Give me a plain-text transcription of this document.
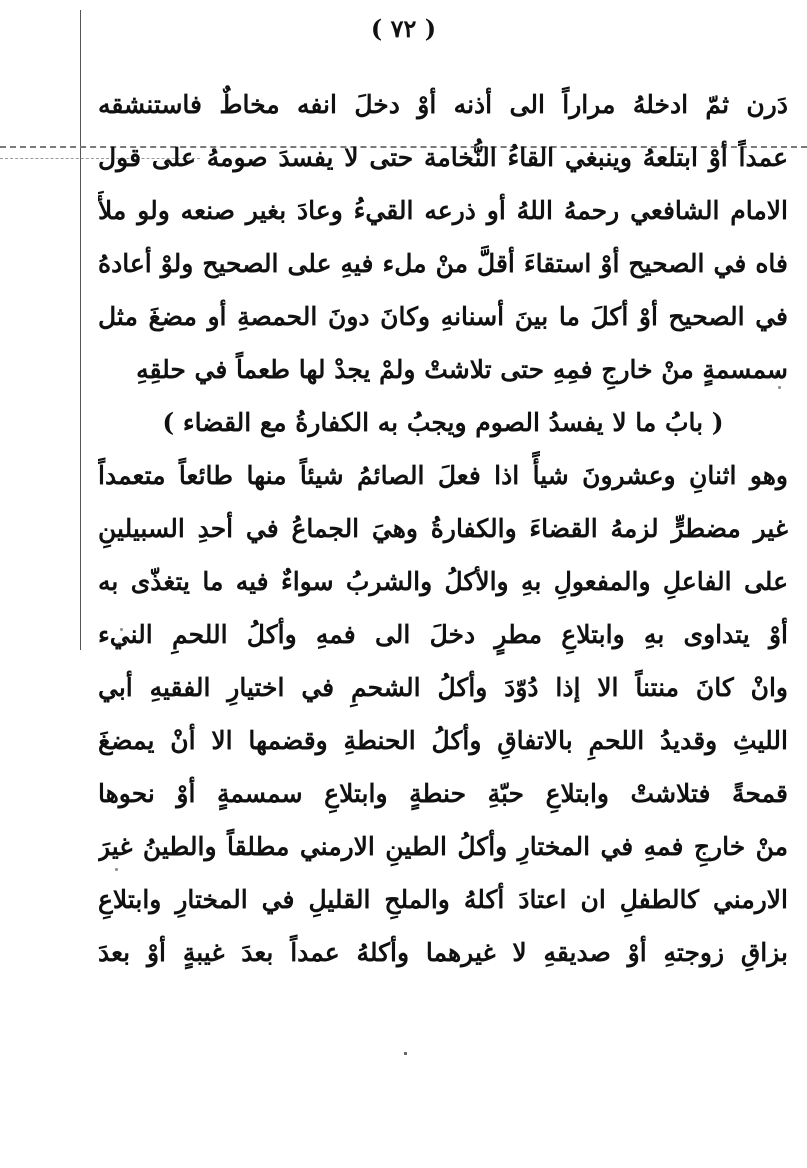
( ٧٢ )
دَرن ثمّ ادخلهُ مراراً الى أذنه أوْ دخلَ انفه مخاطٌ فاستنشقه
عمداً أوْ ابتلعهُ وينبغي القاءُ النُّخامة حتى لا يفسدَ صومهُ على قول
الامام الشافعي رحمهُ اللهُ أو ذرعه القيءُ وعادَ بغير صنعه ولو ملأَ
فاه في الصحيح أوْ استقاءَ أقلَّ منْ ملء فيهِ على الصحيح ولوْ أعادهُ
في الصحيح أوْ أكلَ ما بينَ أسنانهِ وكانَ دونَ الحمصةِ أو مضغَ مثل
سمسمةٍ منْ خارجِ فمِهِ حتى تلاشتْ ولمْ يجدْ لها طعماً في حلقِهِ
( بابُ ما لا يفسدُ الصوم ويجبُ به الكفارةُ مع القضاء )
وهو اثنانِ وعشرونَ شيأً اذا فعلَ الصائمُ شيئاً منها طائعاً متعمداً
غير مضطرٍّ لزمهُ القضاءَ والكفارةُ وهيَ الجماعُ في أحدِ السبيلينِ
على الفاعلِ والمفعولِ بهِ والأكلُ والشربُ سواءٌ فيه ما يتغذّى به
أوْ يتداوى بهِ وابتلاعِ مطرٍ دخلَ الى فمهِ وأكلُ اللحمِ النيء
وانْ كانَ منتناً الا إذا دُوّدَ وأكلُ الشحمِ في اختيارِ الفقيهِ أبي
الليثِ وقديدُ اللحمِ بالاتفاقِ وأكلُ الحنطةِ وقضمها الا أنْ يمضغَ
قمحةً فتلاشتْ وابتلاعِ حبّةِ حنطةٍ وابتلاعِ سمسمةٍ أوْ نحوها
منْ خارجِ فمهِ في المختارِ وأكلُ الطينِ الارمني مطلقاً والطينُ غيرَ
الارمني كالطفلِ ان اعتادَ أكلهُ والملحِ القليلِ في المختارِ وابتلاعِ
بزاقِ زوجتهِ أوْ صديقهِ لا غيرهما وأكلهُ عمداً بعدَ غيبةٍ أوْ بعدَ
